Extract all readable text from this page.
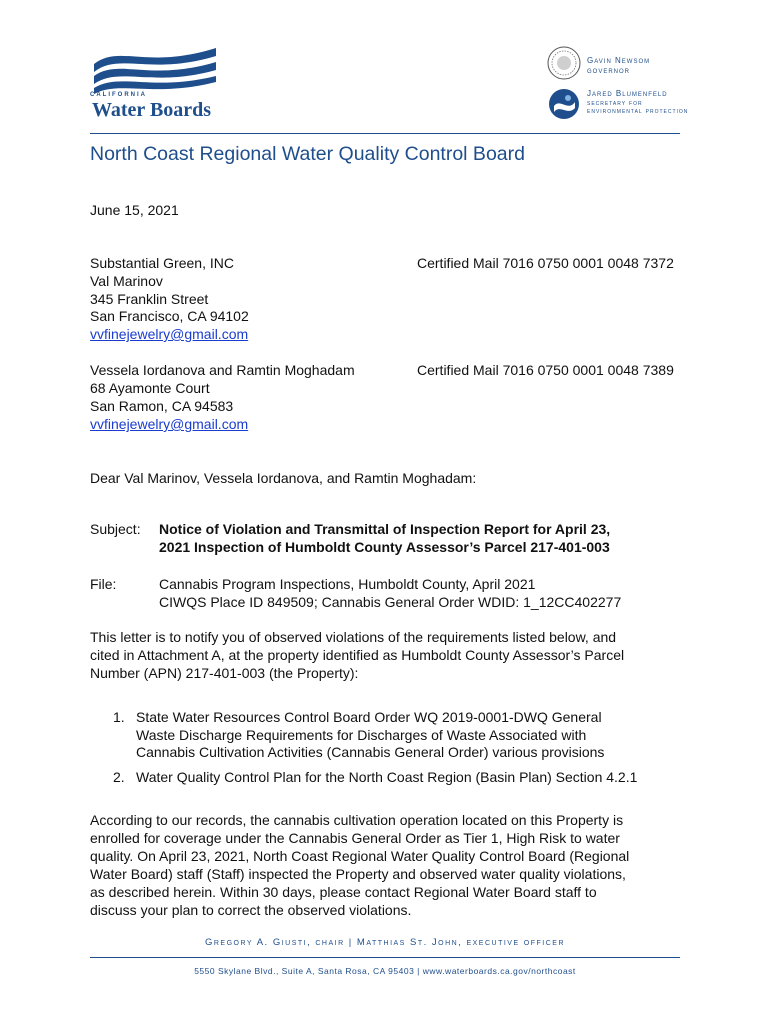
CALIFORNIA
Water Boards
Gavin Newsom
governor
Jared Blumenfeld
secretary for
environmental protection
North Coast Regional Water Quality Control Board
June 15, 2021
Substantial Green, INC
Val Marinov
345 Franklin Street
San Francisco, CA 94102
vvfinejewelry@gmail.com
Certified Mail 7016 0750 0001 0048 7372
Vessela Iordanova and Ramtin Moghadam
68 Ayamonte Court
San Ramon, CA 94583
vvfinejewelry@gmail.com
Certified Mail 7016 0750 0001 0048 7389
Dear Val Marinov, Vessela Iordanova, and Ramtin Moghadam:
Subject: Notice of Violation and Transmittal of Inspection Report for April 23,
2021 Inspection of Humboldt County Assessor’s Parcel 217-401-003
File:	Cannabis Program Inspections, Humboldt County, April 2021
CIWQS Place ID 849509; Cannabis General Order WDID: 1_12CC402277
This letter is to notify you of observed violations of the requirements listed below, and
cited in Attachment A, at the property identified as Humboldt County Assessor’s Parcel
Number (APN) 217-401-003 (the Property):
1. State Water Resources Control Board Order WQ 2019-0001-DWQ General
Waste Discharge Requirements for Discharges of Waste Associated with
Cannabis Cultivation Activities (Cannabis General Order) various provisions
2. Water Quality Control Plan for the North Coast Region (Basin Plan) Section 4.2.1
According to our records, the cannabis cultivation operation located on this Property is
enrolled for coverage under the Cannabis General Order as Tier 1, High Risk to water
quality. On April 23, 2021, North Coast Regional Water Quality Control Board (Regional
Water Board) staff (Staff) inspected the Property and observed water quality violations,
as described herein. Within 30 days, please contact Regional Water Board staff to
discuss your plan to correct the observed violations.
Gregory A. Giusti, chair | Matthias St. John, executive officer
5550 Skylane Blvd., Suite A, Santa Rosa, CA 95403 | www.waterboards.ca.gov/northcoast
